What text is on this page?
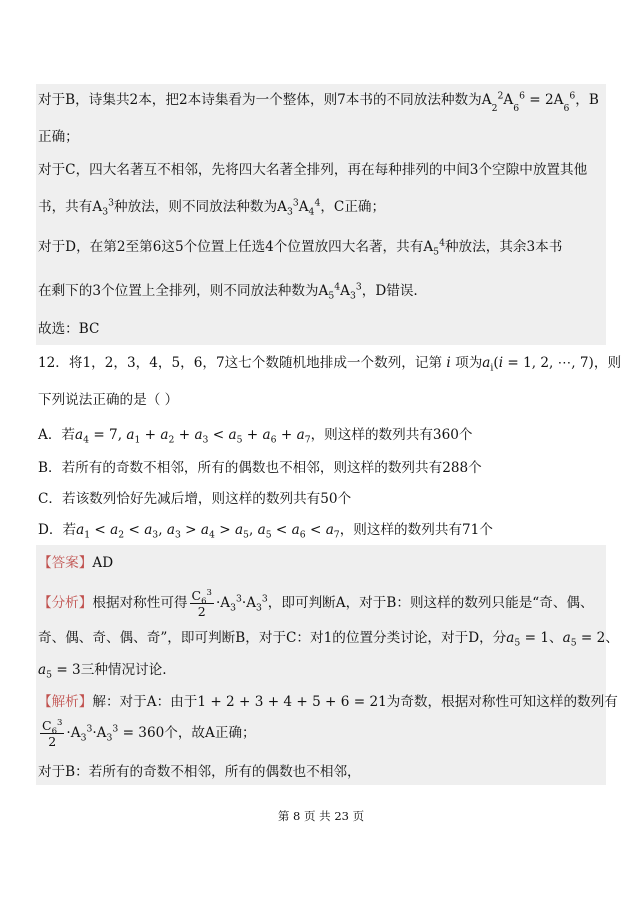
对于B，诗集共2本，把2本诗集看为一个整体，则7本书的不同放法种数为$A_2^2A_6^6 = 2A_6^6$，B
正确；
对于C，四大名著互不相邻，先将四大名著全排列，再在每种排列的中间3个空隙中放置其他
书，共有$A_3^3$种放法，则不同放法种数为$A_3^3A_4^4$，C正确；
对于D，在第2至第6这5个位置上任选4个位置放四大名著，共有$A_5^4$种放法，其余3本书
在剩下的3个位置上全排列，则不同放法种数为$A_5^4A_3^3$，D错误.
故选：BC
12．将1，2，3，4，5，6，7这七个数随机地排成一个数列，记第 i 项为$a_i(i = 1$, 2, ⋯, 7)，则
下列说法正确的是（ ）
A．若$a_4 = 7$, $a_1 + a_2 + a_3 < a_5 + a_6 + a_7$，则这样的数列共有360个
B．若所有的奇数不相邻，所有的偶数也不相邻，则这样的数列共有288个
C．若该数列恰好先减后增，则这样的数列共有50个
D．若$a_1 < a_2 < a_3$, $a_3 > a_4 > a_5$, $a_5 < a_6 < a_7$，则这样的数列共有71个
【答案】AD
【分析】根据对称性可得 $\frac{C_6^3}{2} \cdot A_3^3\cdot A_3^3$，即可判断A，对于B：则这样的数列只能是“奇、偶、
奇、偶、奇、偶、奇”，即可判断B，对于C：对1的位置分类讨论，对于D，分$a_5 = 1$、$a_5 = 2$、
$a_5 = 3$三种情况讨论.
【解析】解：对于A：由于1 + 2 + 3 + 4 + 5 + 6 = 21为奇数，根据对称性可知这样的数列有
$\frac{C_6^3}{2} \cdot A_3^3\cdot A_3^3 = 360$个，故A正确；
对于B：若所有的奇数不相邻，所有的偶数也不相邻，
第 8 页 共 23 页
